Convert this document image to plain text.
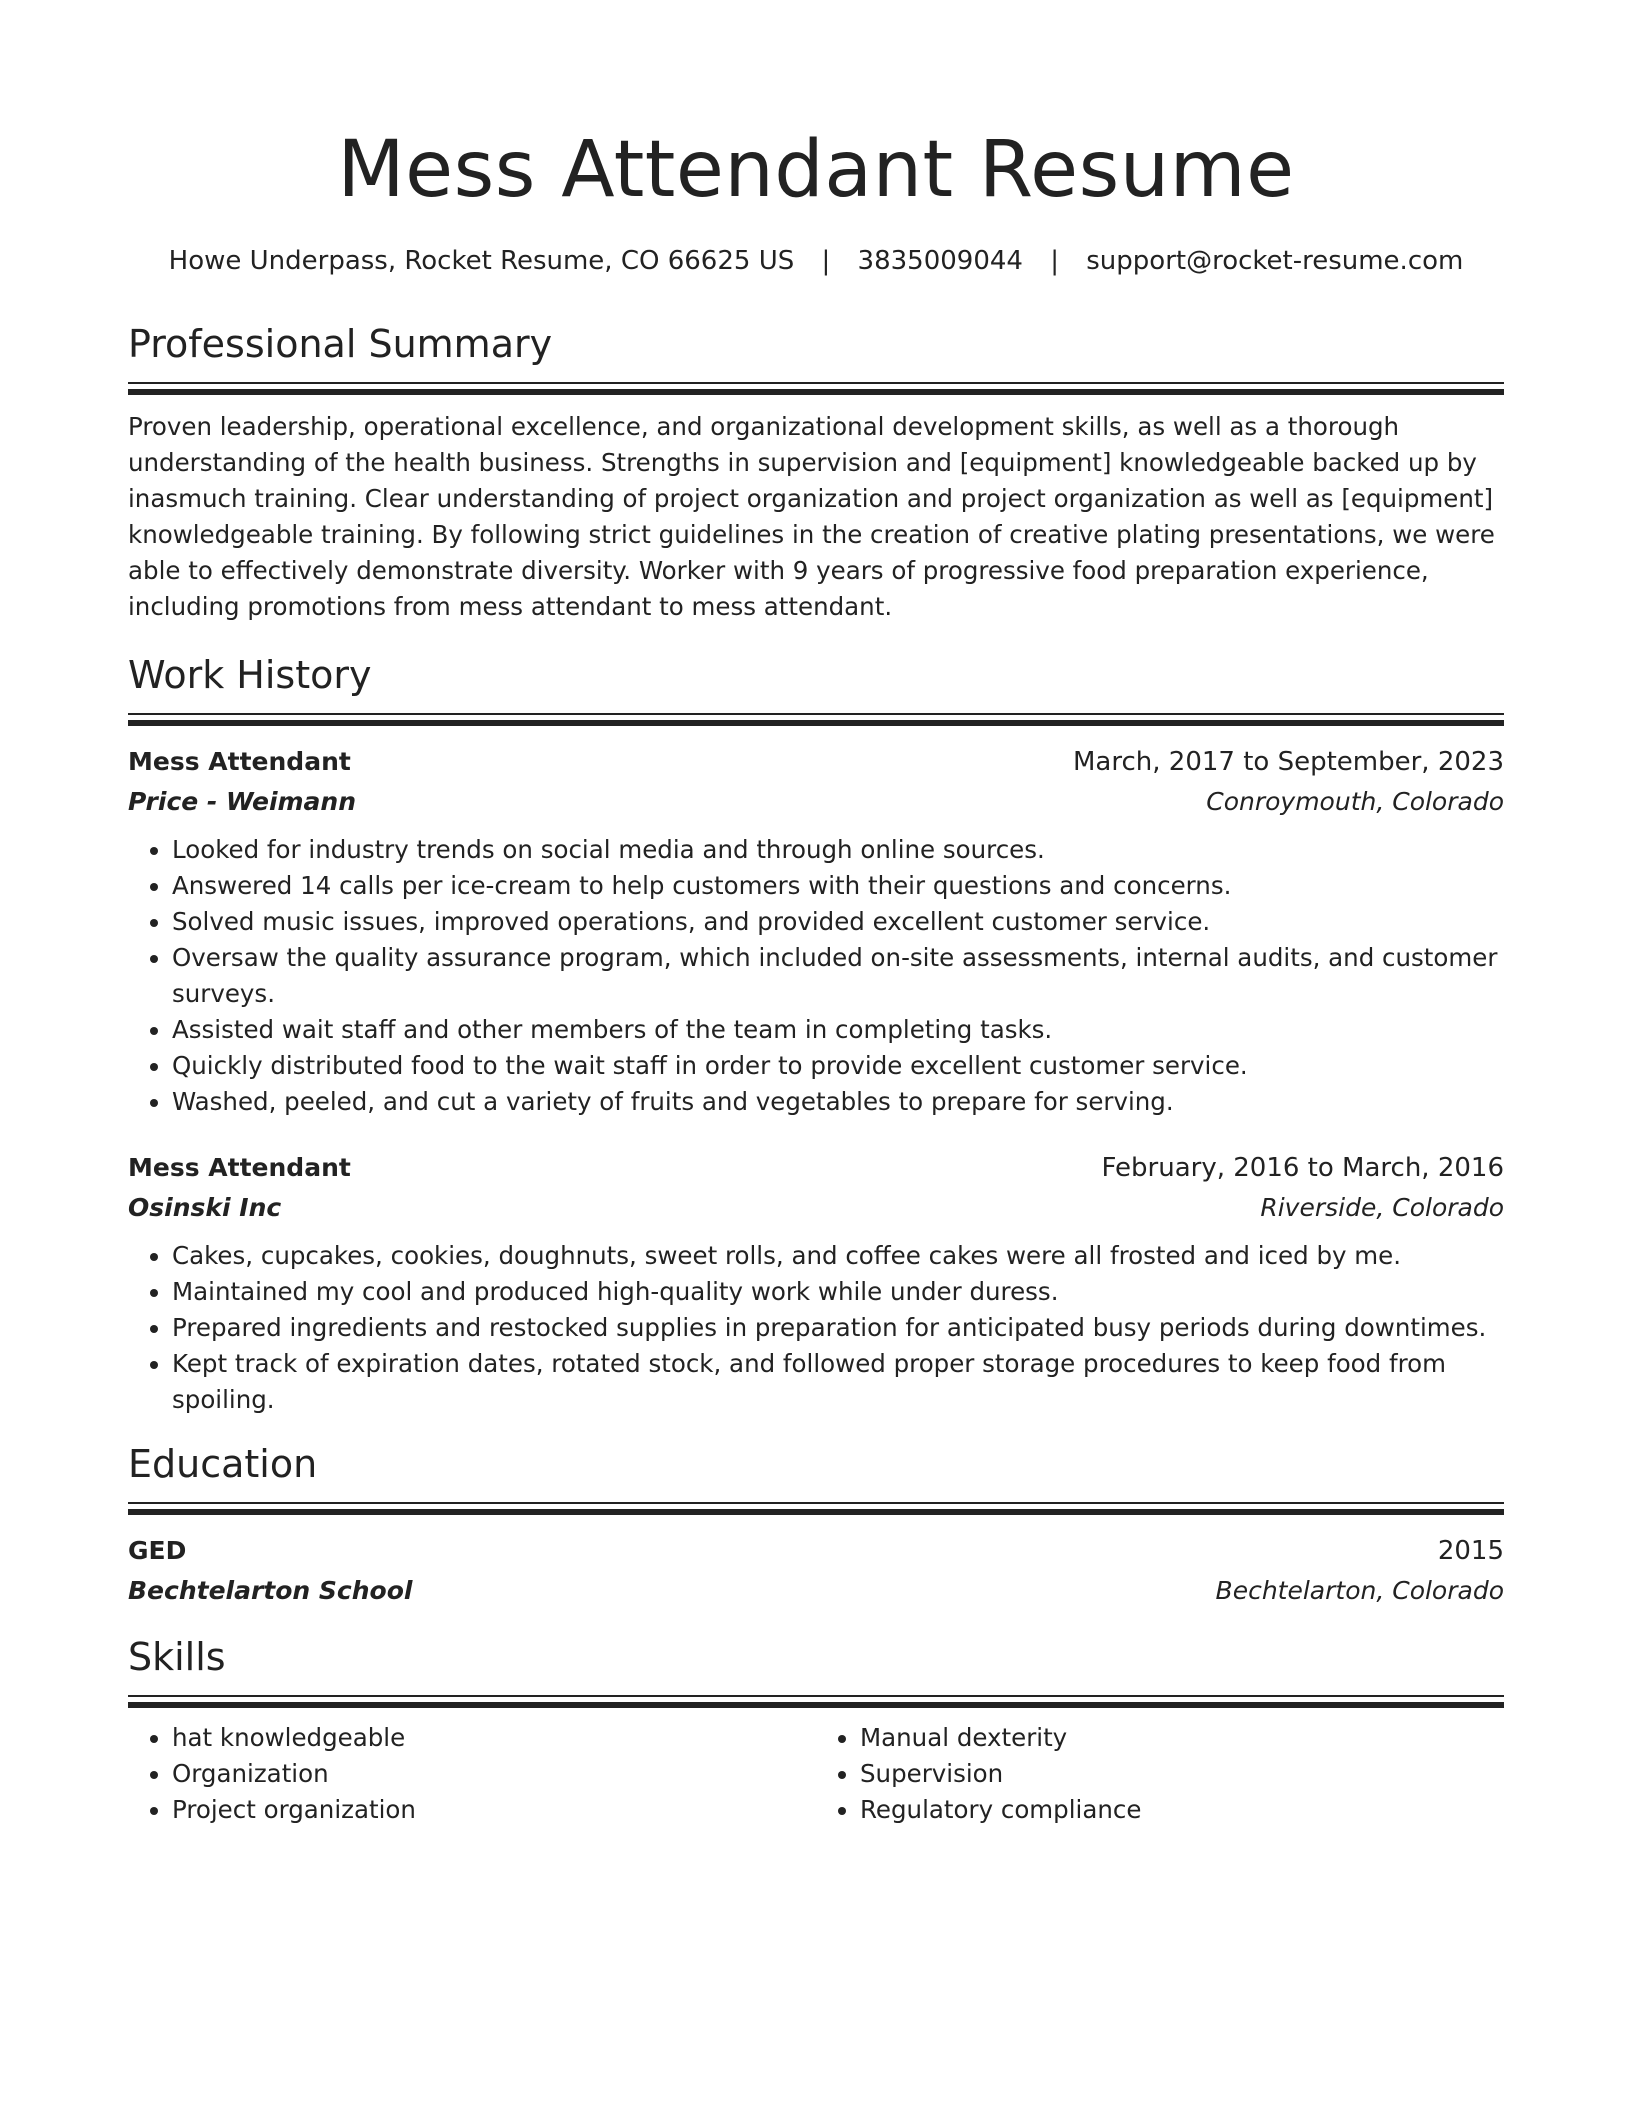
Mess Attendant Resume
Howe Underpass, Rocket Resume, CO 66625 US | 3835009044 | support@rocket-resume.com
Professional Summary

Proven leadership, operational excellence, and organizational development skills, as well as a thorough understanding of the health business. Strengths in supervision and [equipment] knowledgeable backed up by inasmuch training. Clear understanding of project organization and project organization as well as [equipment] knowledgeable training. By following strict guidelines in the creation of creative plating presentations, we were able to effectively demonstrate diversity. Worker with 9 years of progressive food preparation experience, including promotions from mess attendant to mess attendant.

Work History
Mess Attendant	March, 2017 to September, 2023
Price - Weimann	Conroymouth, Colorado
• Looked for industry trends on social media and through online sources.
• Answered 14 calls per ice-cream to help customers with their questions and concerns.
• Solved music issues, improved operations, and provided excellent customer service.
• Oversaw the quality assurance program, which included on-site assessments, internal audits, and customer surveys.
• Assisted wait staff and other members of the team in completing tasks.
• Quickly distributed food to the wait staff in order to provide excellent customer service.
• Washed, peeled, and cut a variety of fruits and vegetables to prepare for serving.
Mess Attendant	February, 2016 to March, 2016
Osinski Inc	Riverside, Colorado
• Cakes, cupcakes, cookies, doughnuts, sweet rolls, and coffee cakes were all frosted and iced by me.
• Maintained my cool and produced high-quality work while under duress.
• Prepared ingredients and restocked supplies in preparation for anticipated busy periods during downtimes.
• Kept track of expiration dates, rotated stock, and followed proper storage procedures to keep food from spoiling.
Education
GED	2015
Bechtelarton School	Bechtelarton, Colorado
Skills
• hat knowledgeable
• Organization
• Project organization
• Manual dexterity
• Supervision
• Regulatory compliance
